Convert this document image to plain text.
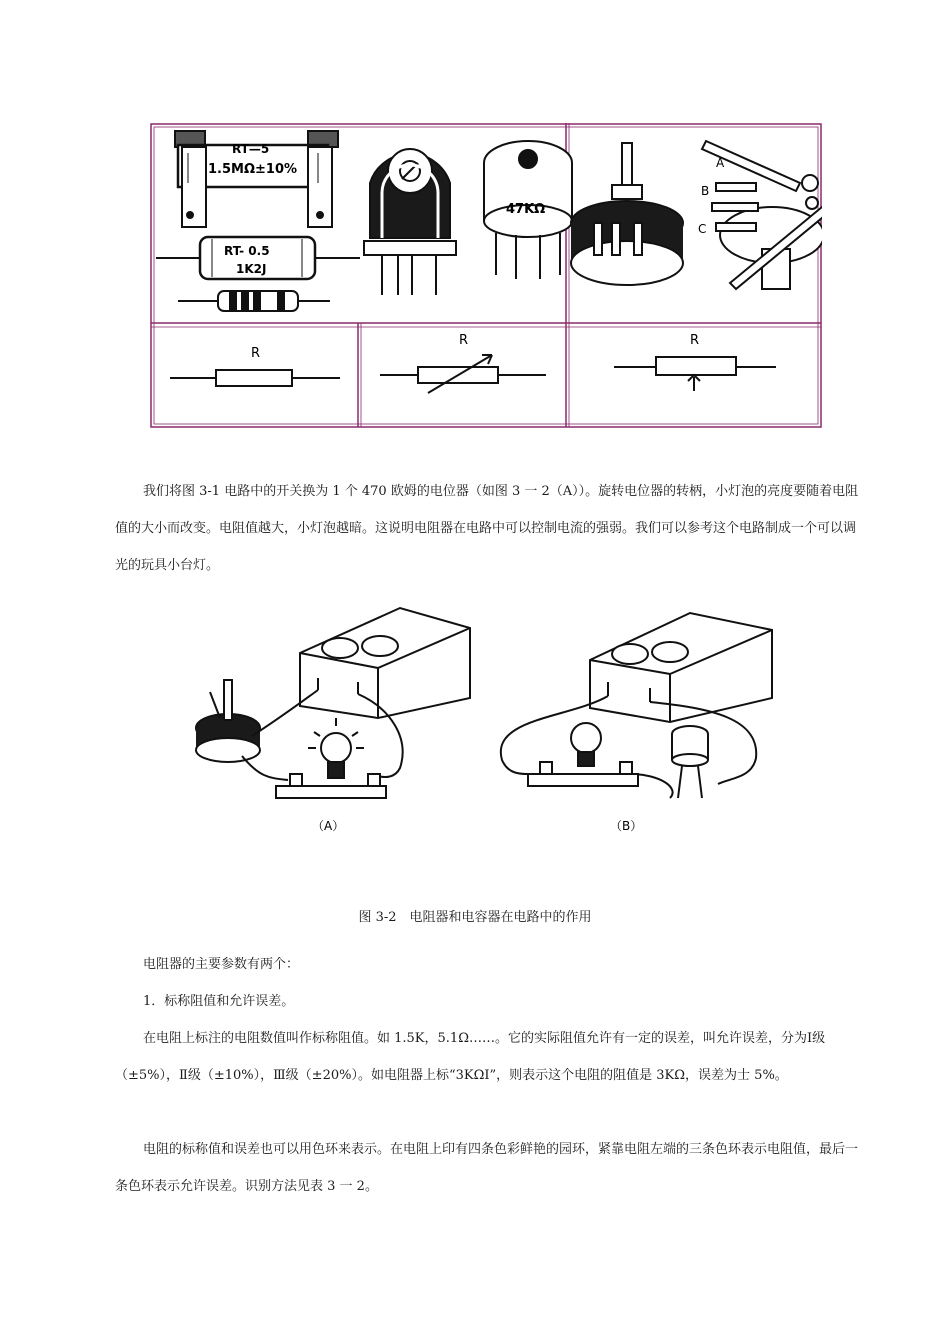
RT—5
1.5MΩ±10%
RT- 0.5
1K2J
47KΩ
A
B
C
R
R	R

我们将图 3-1 电路中的开关换为 1 个 470 欧姆的电位器（如图 3 一 2（A））。旋转电位器的转柄，小灯泡的亮度要随着电阻值的大小而改变。电阻值越大，小灯泡越暗。这说明电阻器在电路中可以控制电流的强弱。我们可以参考这个电路制成一个可以调光的玩具小台灯。

（A）	（B）
图 3-2　电阻器和电容器在电路中的作用

电阻器的主要参数有两个：

1．标称阻值和允许误差。

在电阻上标注的电阻数值叫作标称阻值。如 1.5K，5.1Ω……。它的实际阻值允许有一定的误差，叫允许误差，分为Ⅰ级（±5%），Ⅱ级（±10%），Ⅲ级（±20%）。如电阻器上标“3KΩⅠ”，则表示这个电阻的阻值是 3KΩ，误差为士 5%。

电阻的标称值和误差也可以用色环来表示。在电阻上印有四条色彩鲜艳的园环，紧靠电阻左端的三条色环表示电阻值，最后一条色环表示允许误差。识别方法见表 3 一 2。
